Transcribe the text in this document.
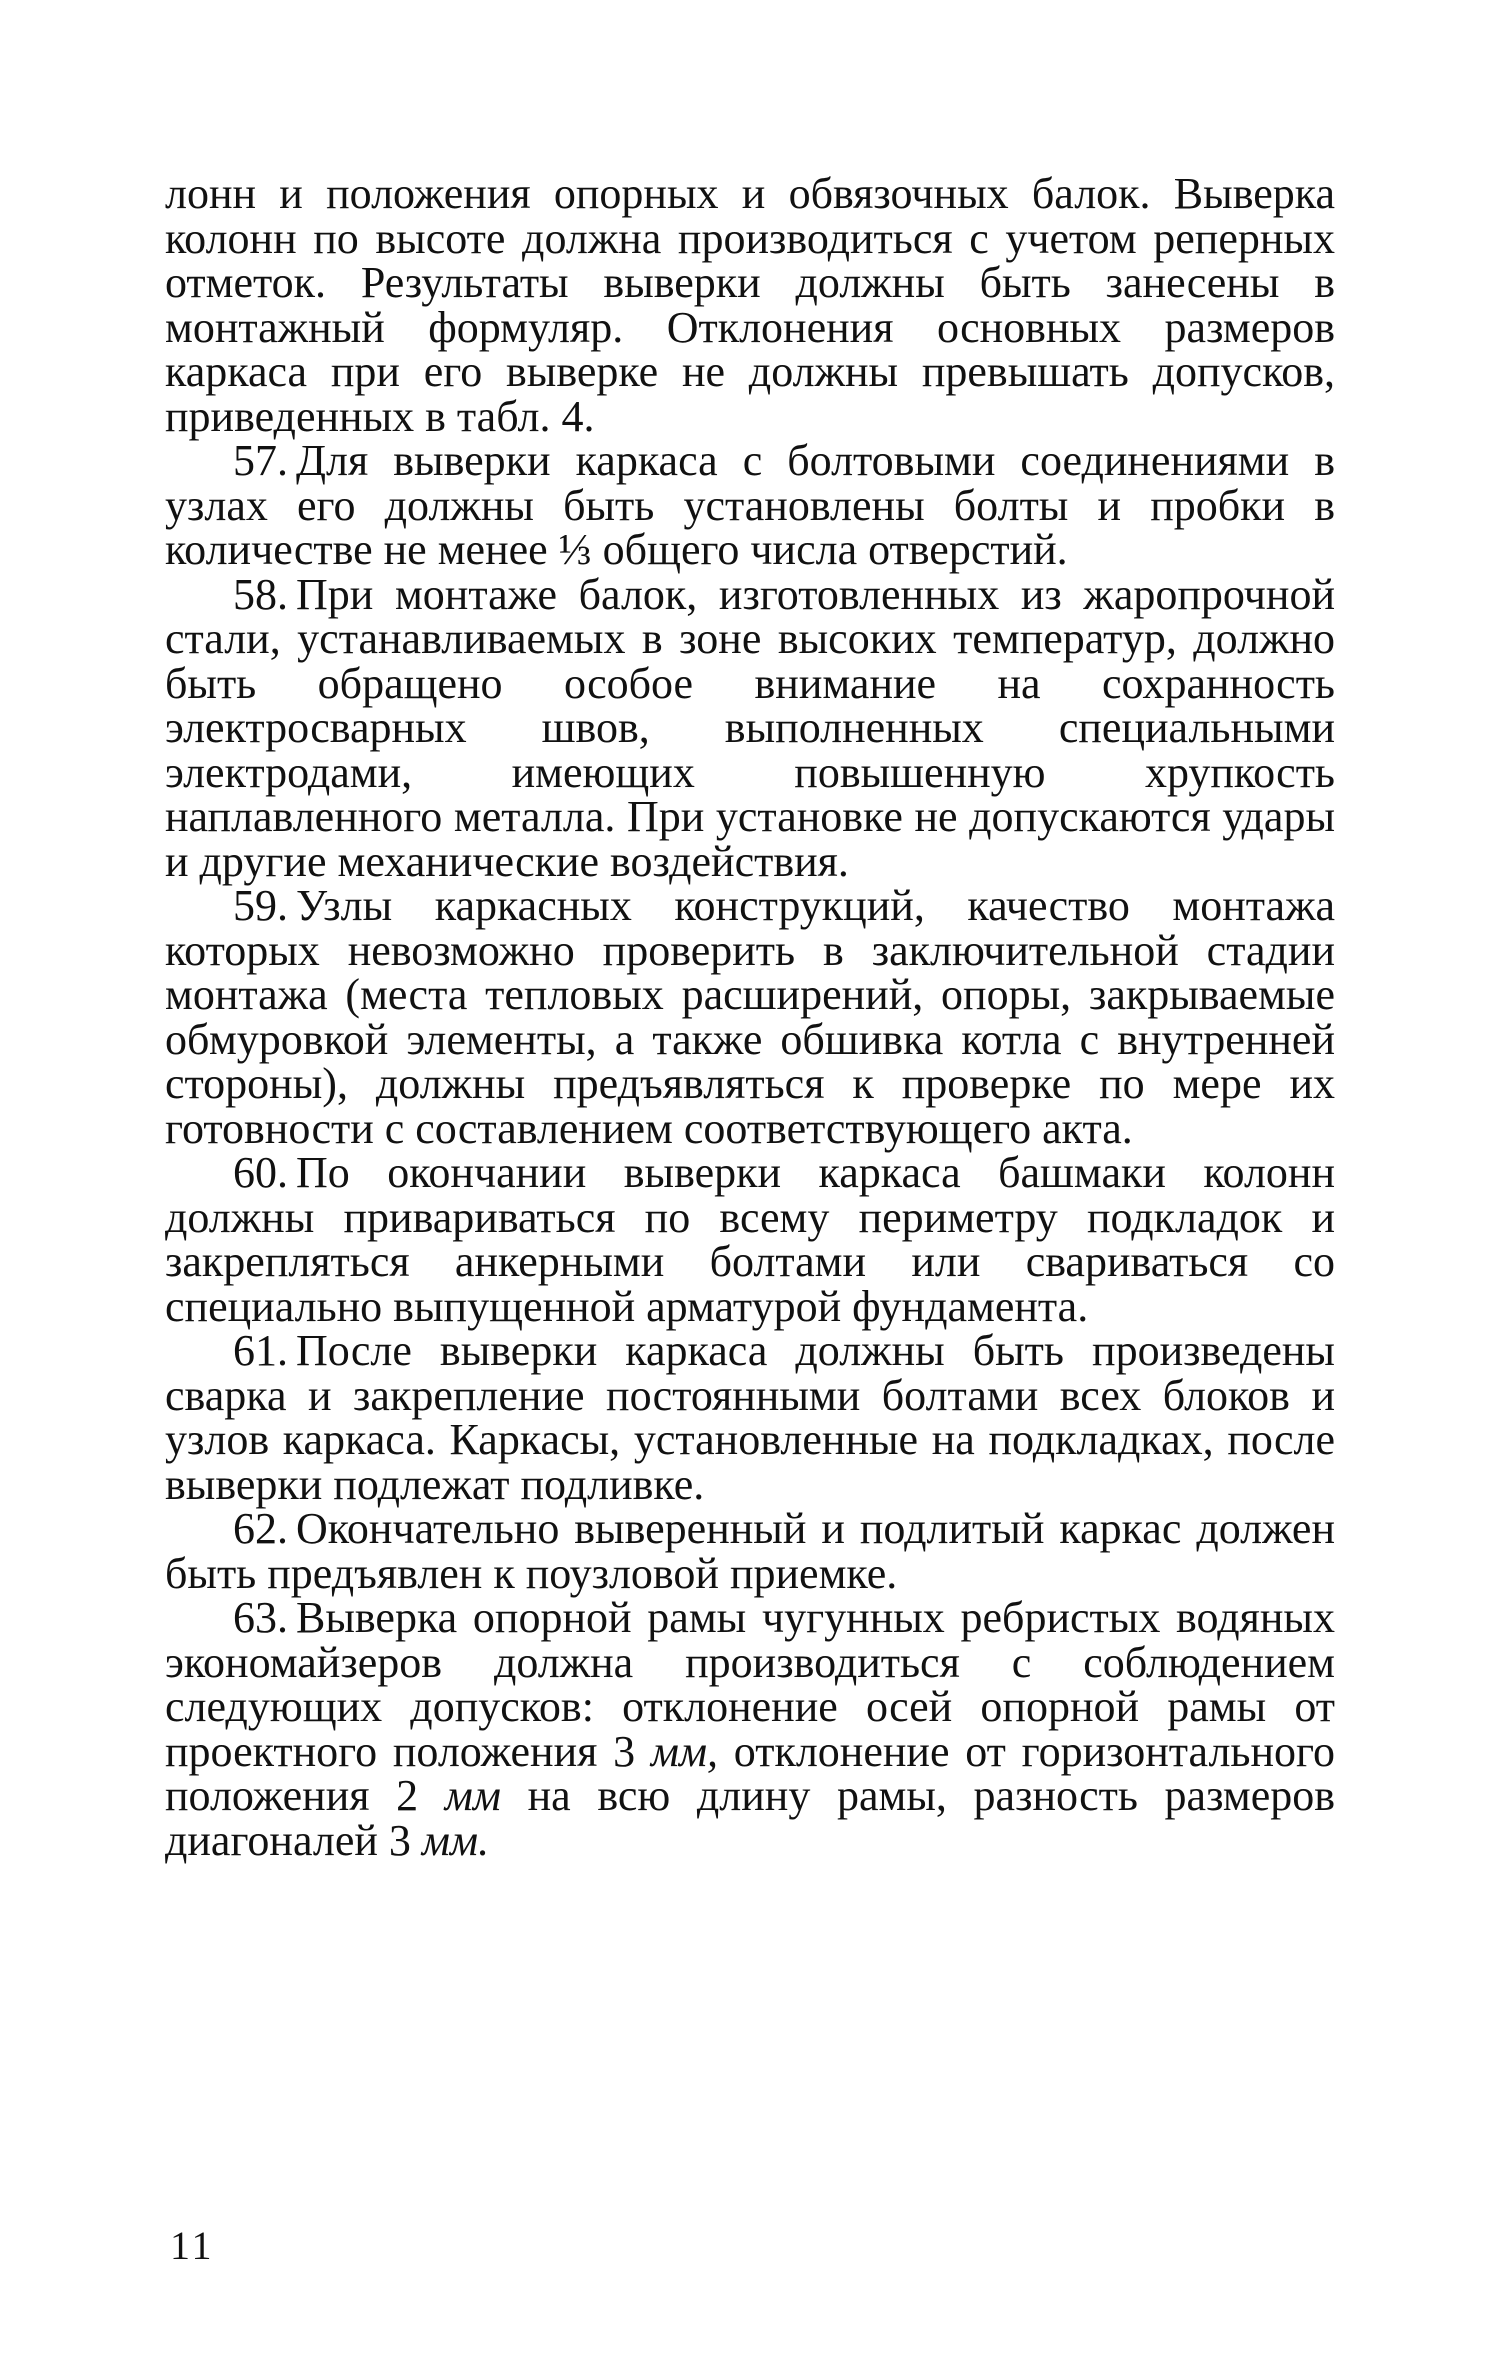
лонн и положения опорных и обвязочных балок. Выверка колонн по высоте должна производиться с учетом реперных отметок. Результаты выверки должны быть занесены в монтажный формуляр. Отклонения основных размеров каркаса при его выверке не должны превышать допусков, приведенных в табл. 4.

57. Для выверки каркаса с болтовыми соединениями в узлах его должны быть установлены болты и пробки в количестве не менее ⅓ общего числа отверстий.

58. При монтаже балок, изготовленных из жаропрочной стали, устанавливаемых в зоне высоких температур, должно быть обращено особое внимание на сохранность электросварных швов, выполненных специальными электродами, имеющих повышенную хрупкость наплавленного металла. При установке не допускаются удары и другие механические воздействия.

59. Узлы каркасных конструкций, качество монтажа которых невозможно проверить в заключительной стадии монтажа (места тепловых расширений, опоры, закрываемые обмуровкой элементы, а также обшивка котла с внутренней стороны), должны предъявляться к проверке по мере их готовности с составлением соответствующего акта.

60. По окончании выверки каркаса башмаки колонн должны привариваться по всему периметру подкладок и закрепляться анкерными болтами или свариваться со специально выпущенной арматурой фундамента.

61. После выверки каркаса должны быть произведены сварка и закрепление постоянными болтами всех блоков и узлов каркаса. Каркасы, установленные на подкладках, после выверки подлежат подливке.

62. Окончательно выверенный и подлитый каркас должен быть предъявлен к поузловой приемке.

63. Выверка опорной рамы чугунных ребристых водяных экономайзеров должна производиться с соблюдением следующих допусков: отклонение осей опорной рамы от проектного положения 3 мм, отклонение от горизонтального положения 2 мм на всю длину рамы, разность размеров диагоналей 3 мм.

11
